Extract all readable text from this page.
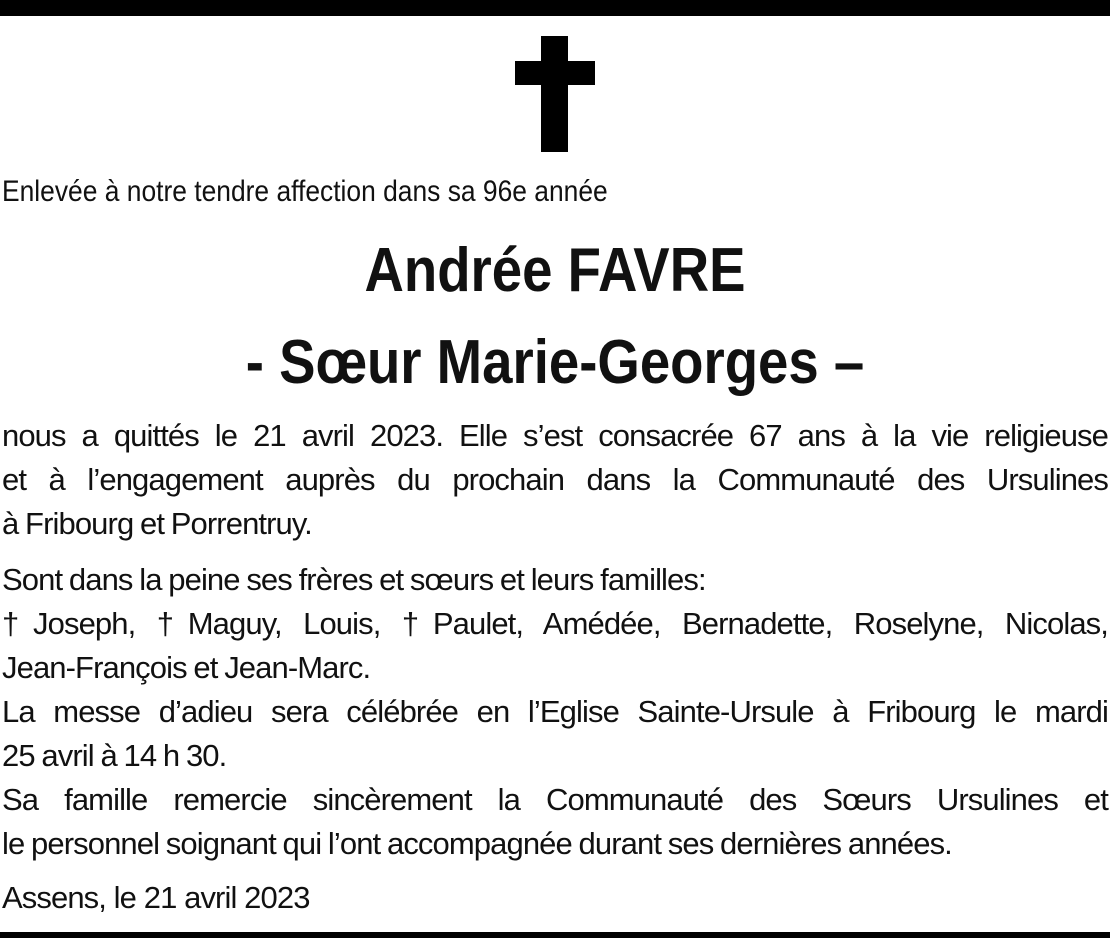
Enlevée à notre tendre affection dans sa 96e année
Andrée FAVRE
- Sœur Marie-Georges –
nous a quittés le 21 avril 2023. Elle s’est consacrée 67 ans à la vie religieuse
et à l’engagement auprès du prochain dans la Communauté des Ursulines
à Fribourg et Porrentruy.
Sont dans la peine ses frères et sœurs et leurs familles:
†Joseph, †Maguy, Louis, †Paulet, Amédée, Bernadette, Roselyne, Nicolas,
Jean-François et Jean-Marc.
La messe d’adieu sera célébrée en l’Eglise Sainte-Ursule à Fribourg le mardi
25 avril à 14 h 30.
Sa famille remercie sincèrement la Communauté des Sœurs Ursulines et
le personnel soignant qui l’ont accompagnée durant ses dernières années.
Assens, le 21 avril 2023
